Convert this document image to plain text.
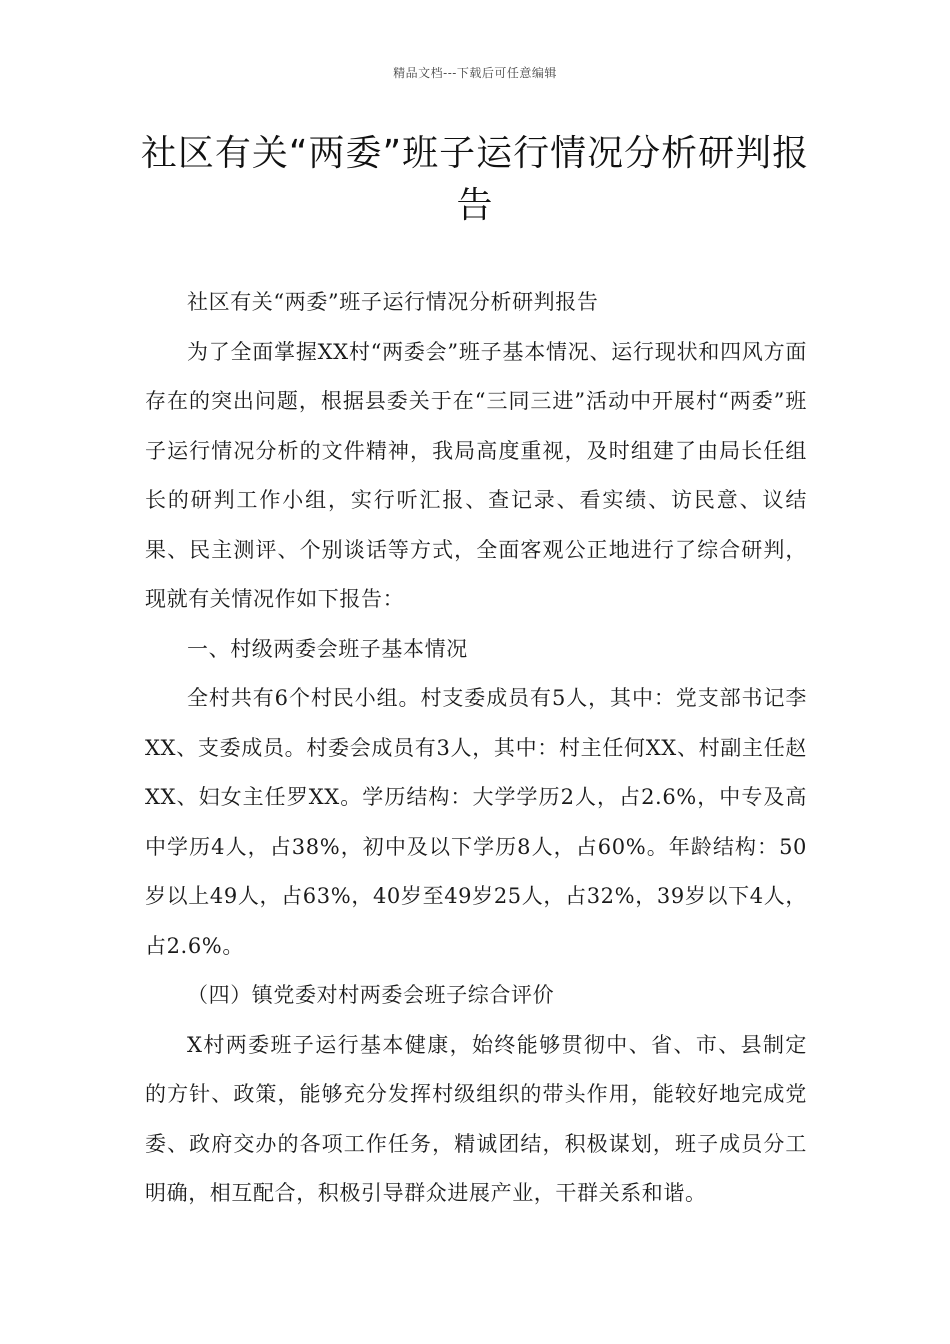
精品文档---下载后可任意编辑
社区有关“两委”班子运行情况分析研判报告

社区有关“两委”班子运行情况分析研判报告

为了全面掌握XX村“两委会”班子基本情况、运行现状和四风方面存在的突出问题，根据县委关于在“三同三进”活动中开展村“两委”班子运行情况分析的文件精神，我局高度重视，及时组建了由局长任组长的研判工作小组，实行听汇报、查记录、看实绩、访民意、议结果、民主测评、个别谈话等方式，全面客观公正地进行了综合研判，现就有关情况作如下报告：

一、村级两委会班子基本情况

全村共有6个村民小组。村支委成员有5人，其中：党支部书记李XX、支委成员。村委会成员有3人，其中：村主任何XX、村副主任赵XX、妇女主任罗XX。学历结构：大学学历2人，占2.6%，中专及高中学历4人，占38%，初中及以下学历8人，占60%。年龄结构：50岁以上49人，占63%，40岁至49岁25人，占32%，39岁以下4人，占2.6%。

（四）镇党委对村两委会班子综合评价

X村两委班子运行基本健康，始终能够贯彻中、省、市、县制定的方针、政策，能够充分发挥村级组织的带头作用，能较好地完成党委、政府交办的各项工作任务，精诚团结，积极谋划，班子成员分工明确，相互配合，积极引导群众进展产业，干群关系和谐。
